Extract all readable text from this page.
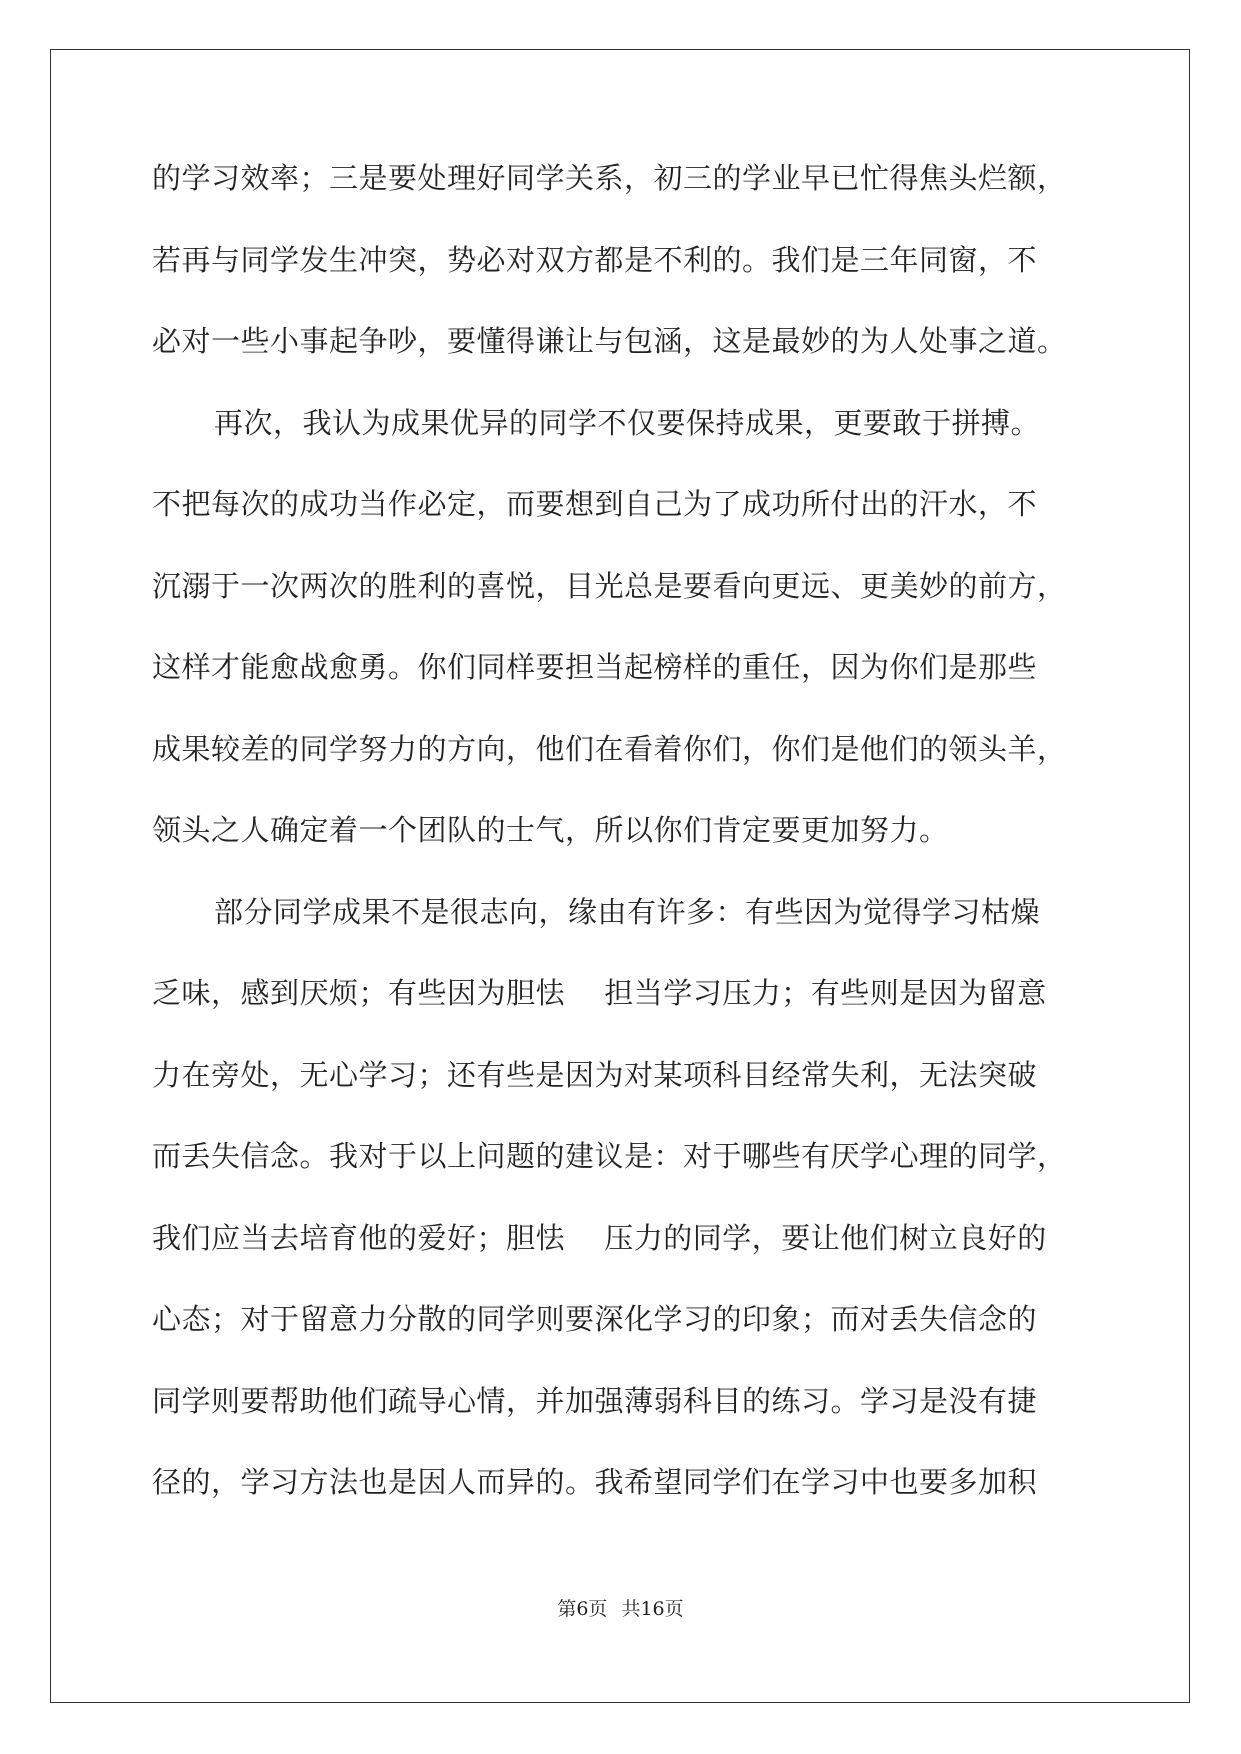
的学习效率；三是要处理好同学关系，初三的学业早已忙得焦头烂额，
若再与同学发生冲突，势必对双方都是不利的。我们是三年同窗，不
必对一些小事起争吵，要懂得谦让与包涵，这是最妙的为人处事之道。
再次，我认为成果优异的同学不仅要保持成果，更要敢于拼搏。
不把每次的成功当作必定，而要想到自己为了成功所付出的汗水，不
沉溺于一次两次的胜利的喜悦，目光总是要看向更远、更美妙的前方，
这样才能愈战愈勇。你们同样要担当起榜样的重任，因为你们是那些
成果较差的同学努力的方向，他们在看着你们，你们是他们的领头羊，
领头之人确定着一个团队的士气，所以你们肯定要更加努力。
部分同学成果不是很志向，缘由有许多：有些因为觉得学习枯燥
乏味，感到厌烦；有些因为胆怯　 担当学习压力；有些则是因为留意
力在旁处，无心学习；还有些是因为对某项科目经常失利，无法突破
而丢失信念。我对于以上问题的建议是：对于哪些有厌学心理的同学，
我们应当去培育他的爱好；胆怯　 压力的同学，要让他们树立良好的
心态；对于留意力分散的同学则要深化学习的印象；而对丢失信念的
同学则要帮助他们疏导心情，并加强薄弱科目的练习。学习是没有捷
径的，学习方法也是因人而异的。我希望同学们在学习中也要多加积
第6页 共16页
